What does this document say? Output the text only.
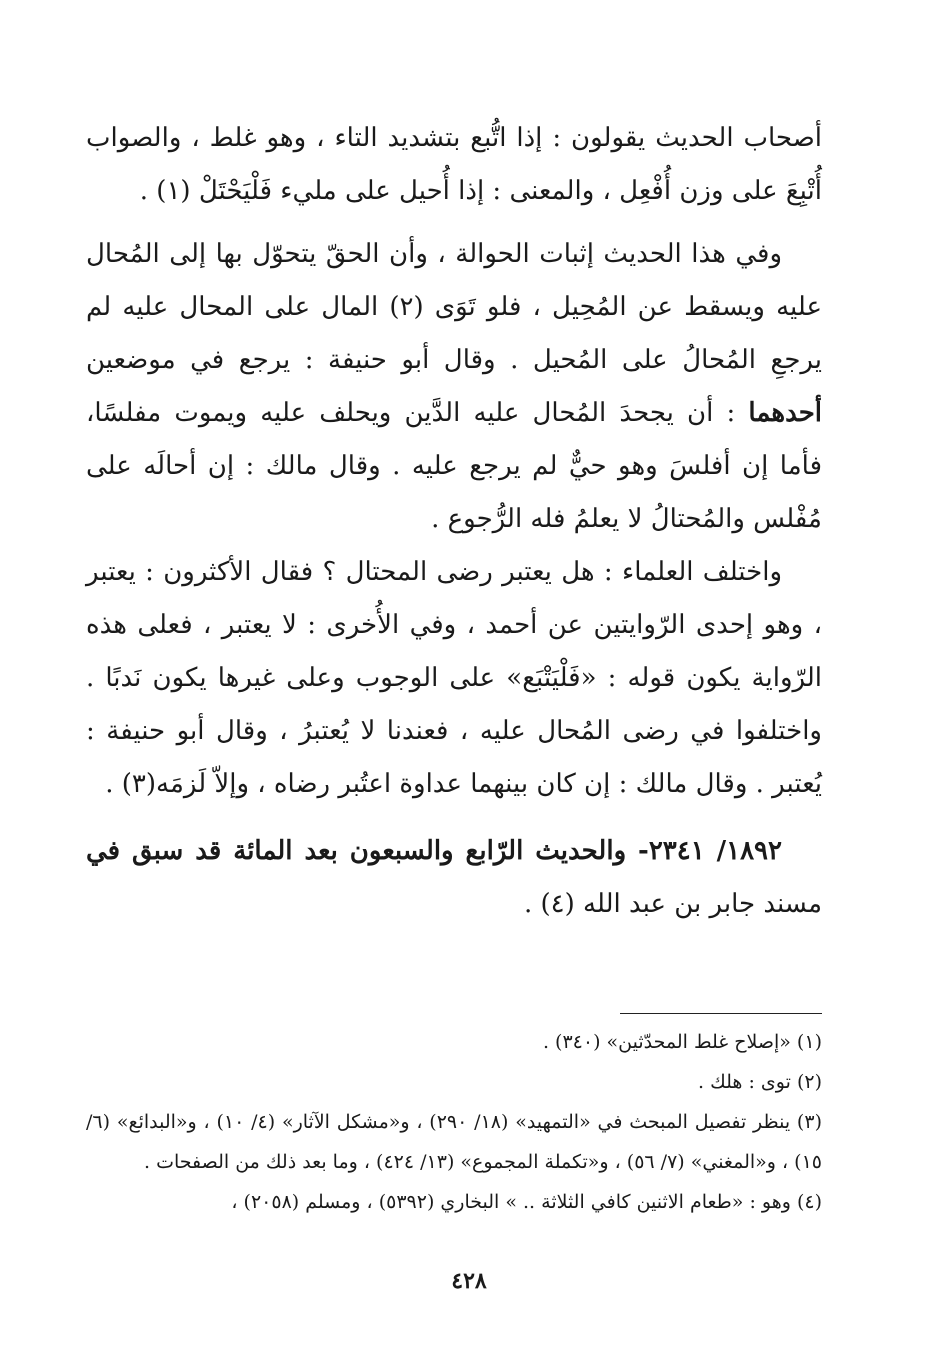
أصحاب الحديث يقولون : إذا اتُّبع بتشديد التاء ، وهو غلط ، والصواب أُتْبِعَ على وزن أُفْعِل ، والمعنى : إذا أُحيل على مليء فَلْيَحْتَلْ (١) .

وفي هذا الحديث إثبات الحوالة ، وأن الحقّ يتحوّل بها إلى المُحال عليه ويسقط عن المُحِيل ، فلو تَوَى (٢) المال على المحال عليه لم يرجعِ المُحالُ على المُحيل . وقال أبو حنيفة : يرجع في موضعين أحدهما : أن يجحدَ المُحال عليه الدَّين ويحلف عليه ويموت مفلسًا، فأما إن أفلسَ وهو حيٌّ لم يرجع عليه . وقال مالك : إن أحالَه على مُفْلس والمُحتالُ لا يعلمُ فله الرُّجوع .

واختلف العلماء : هل يعتبر رضى المحتال ؟ فقال الأكثرون : يعتبر ، وهو إحدى الرّوايتين عن أحمد ، وفي الأُخرى : لا يعتبر ، فعلى هذه الرّواية يكون قوله : «فَلْيَتْبَع» على الوجوب وعلى غيرها يكون نَدبًا . واختلفوا في رضى المُحال عليه ، فعندنا لا يُعتبرُ ، وقال أبو حنيفة : يُعتبر . وقال مالك : إن كان بينهما عداوة اعتُبر رضاه ، وإلاّ لَزمَه(٣) .

١٨٩٢/ ٢٣٤١- والحديث الرّابع والسبعون بعد المائة قد سبق في مسند جابر بن عبد الله (٤) .

(١) «إصلاح غلط المحدّثين» (٣٤٠) .

(٢) توى : هلك .

(٣) ينظر تفصيل المبحث في «التمهيد» (١٨/ ٢٩٠) ، و«مشكل الآثار» (٤/ ١٠) ، و«البدائع» (٦/ ١٥) ، و«المغني» (٧/ ٥٦) ، و«تكملة المجموع» (١٣/ ٤٢٤) ، وما بعد ذلك من الصفحات .

(٤) وهو : «طعام الاثنين كافي الثلاثة .. » البخاري (٥٣٩٢) ، ومسلم (٢٠٥٨) ،

٤٢٨
